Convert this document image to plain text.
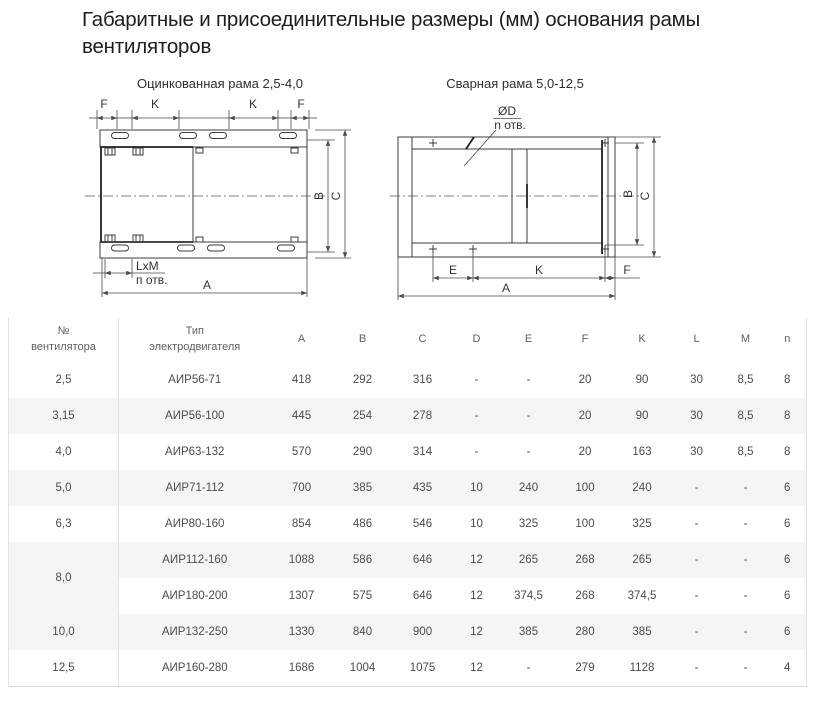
Габаритные и присоединительные размеры (мм) основания рамы
вентиляторов
Оцинкованная рама 2,5-4,0	Сварная рама 5,0-12,5
F	K	K	F
B C
LxM
п отв.	A
ØD
n отв.
B C
E	K	F
A
№
вентилятора

Тип
электродвигателя
	A	B	C	D	E	F	K	L	M	n
2,5	АИР56-71	418	292	316	-	-	20	90	30	8,5	8
3,15	АИР56-100	445	254	278	-	-	20	90	30	8,5	8
4,0	АИР63-132	570	290	314	-	-	20	163	30	8,5	8
5,0	АИР71-112	700	385	435	10	240	100	240	-	-	6
6,3	АИР80-160	854	486	546	10	325	100	325	-	-	6
8,0	АИР112-160	1088	586	646	12	265	268	265	-	-	6
	АИР180-200	1307	575	646	12	374,5	268	374,5	-	-	6
10,0	АИР132-250	1330	840	900	12	385	280	385	-	-	6
12,5	АИР160-280	1686	1004	1075	12	-	279	1128	-	-	4
